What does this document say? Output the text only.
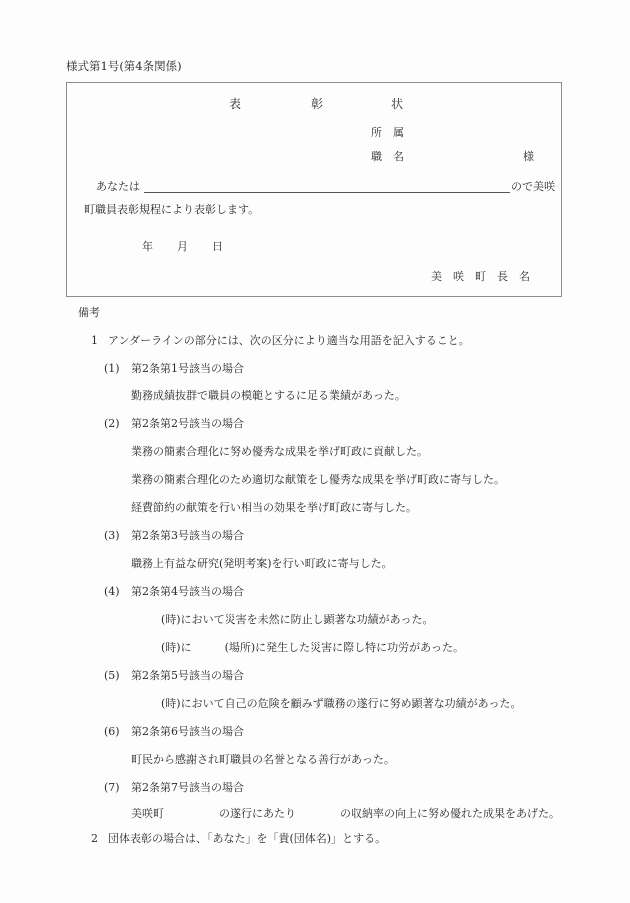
様式第1号(第4条関係)
表	彰	状
所　属
職　名	様
あなたは	ので美咲
町職員表彰規程により表彰します。
年 月 日
美　咲　町　長　名
備考
1 アンダーラインの部分には、次の区分により適当な用語を記入すること。
(1) 第2条第1号該当の場合
勤務成績抜群で職員の模範とするに足る業績があった。
(2) 第2条第2号該当の場合
業務の簡素合理化に努め優秀な成果を挙げ町政に貢献した。
業務の簡素合理化のため適切な献策をし優秀な成果を挙げ町政に寄与した。
経費節約の献策を行い相当の効果を挙げ町政に寄与した。
(3) 第2条第3号該当の場合
職務上有益な研究(発明考案)を行い町政に寄与した。
(4) 第2条第4号該当の場合
(時)において災害を未然に防止し顕著な功績があった。
(時)に　　　(場所)に発生した災害に際し特に功労があった。
(5) 第2条第5号該当の場合
(時)において自己の危険を顧みず職務の遂行に努め顕著な功績があった。
(6) 第2条第6号該当の場合
町民から感謝され町職員の名誉となる善行があった。
(7) 第2条第7号該当の場合
美咲町　　　　　の遂行にあたり　　　　の収納率の向上に努め優れた成果をあげた。
2 団体表彰の場合は、「あなた」を「貴(団体名)」とする。
